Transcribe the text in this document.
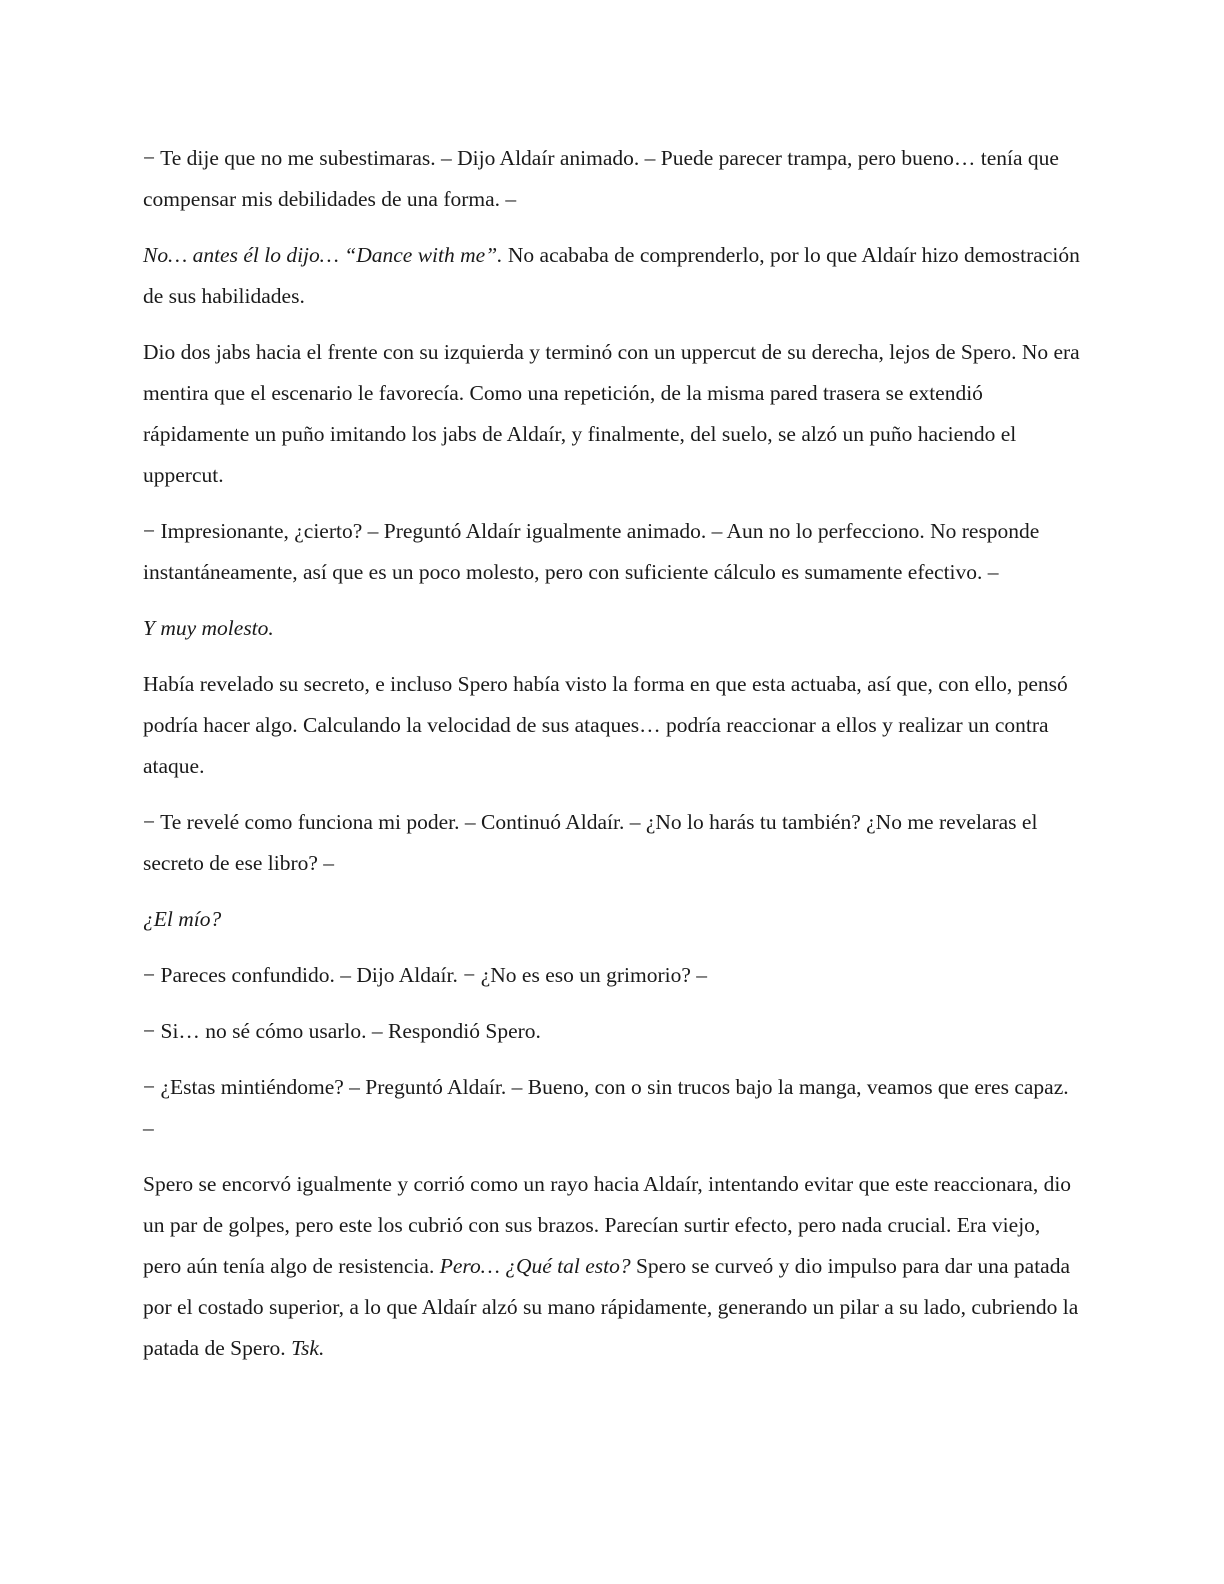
− Te dije que no me subestimaras. – Dijo Aldaír animado. – Puede parecer trampa, pero bueno… tenía que compensar mis debilidades de una forma. –

No… antes él lo dijo… “Dance with me”. No acababa de comprenderlo, por lo que Aldaír hizo demostración de sus habilidades.

Dio dos jabs hacia el frente con su izquierda y terminó con un uppercut de su derecha, lejos de Spero. No era mentira que el escenario le favorecía. Como una repetición, de la misma pared trasera se extendió rápidamente un puño imitando los jabs de Aldaír, y finalmente, del suelo, se alzó un puño haciendo el uppercut.

− Impresionante, ¿cierto? – Preguntó Aldaír igualmente animado. – Aun no lo perfecciono. No responde instantáneamente, así que es un poco molesto, pero con suficiente cálculo es sumamente efectivo. –

Y muy molesto.

Había revelado su secreto, e incluso Spero había visto la forma en que esta actuaba, así que, con ello, pensó podría hacer algo. Calculando la velocidad de sus ataques… podría reaccionar a ellos y realizar un contra ataque.

− Te revelé como funciona mi poder. – Continuó Aldaír. – ¿No lo harás tu también? ¿No me revelaras el secreto de ese libro? –

¿El mío?

− Pareces confundido. – Dijo Aldaír. − ¿No es eso un grimorio? –

− Si… no sé cómo usarlo. – Respondió Spero.

− ¿Estas mintiéndome? – Preguntó Aldaír. – Bueno, con o sin trucos bajo la manga, veamos que eres capaz. –

Spero se encorvó igualmente y corrió como un rayo hacia Aldaír, intentando evitar que este reaccionara, dio un par de golpes, pero este los cubrió con sus brazos. Parecían surtir efecto, pero nada crucial. Era viejo, pero aún tenía algo de resistencia. Pero… ¿Qué tal esto? Spero se curveó y dio impulso para dar una patada por el costado superior, a lo que Aldaír alzó su mano rápidamente, generando un pilar a su lado, cubriendo la patada de Spero. Tsk.
